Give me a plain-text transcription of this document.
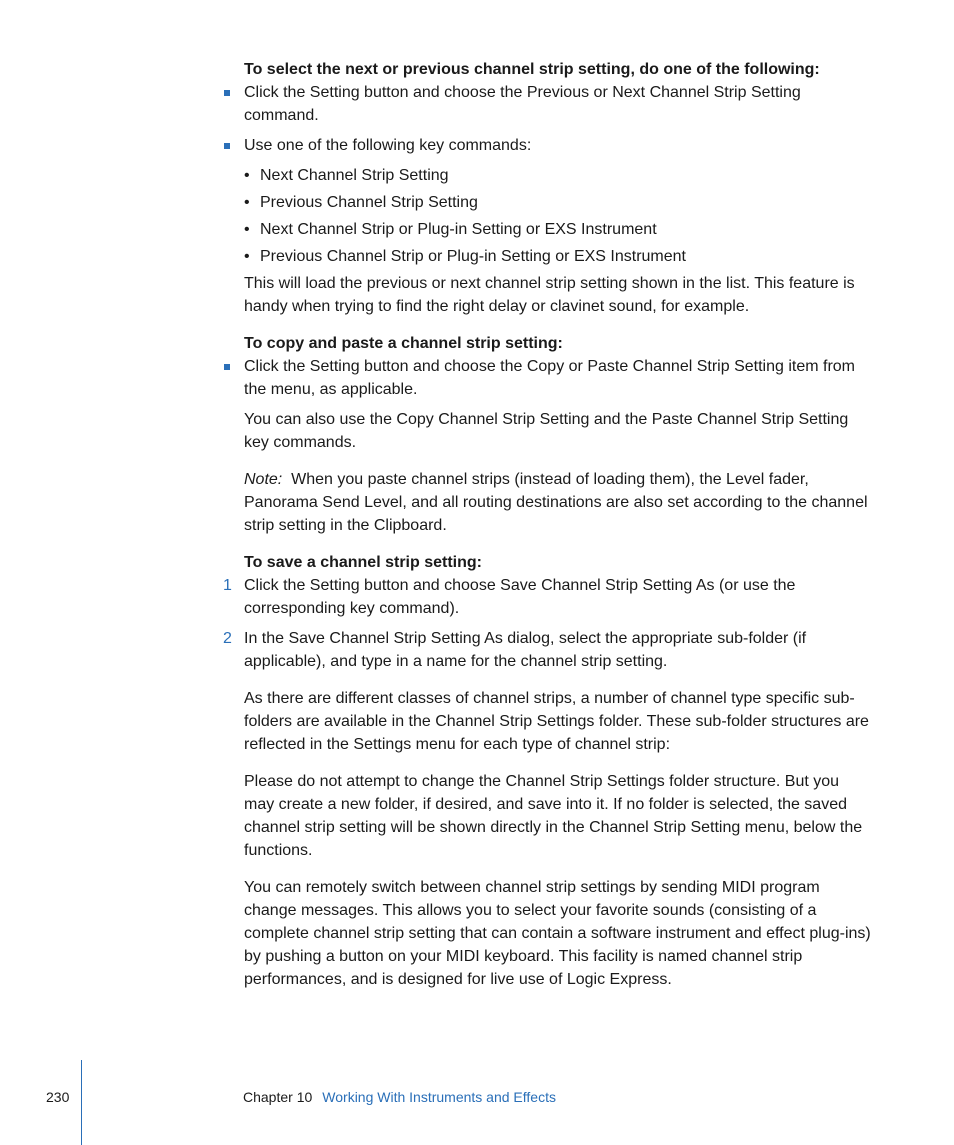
To select the next or previous channel strip setting, do one of the following:

Click the Setting button and choose the Previous or Next Channel Strip Setting command.

Use one of the following key commands:

• Next Channel Strip Setting

• Previous Channel Strip Setting

• Next Channel Strip or Plug-in Setting or EXS Instrument

• Previous Channel Strip or Plug-in Setting or EXS Instrument

This will load the previous or next channel strip setting shown in the list. This feature is handy when trying to find the right delay or clavinet sound, for example.

To copy and paste a channel strip setting:

Click the Setting button and choose the Copy or Paste Channel Strip Setting item from the menu, as applicable.

You can also use the Copy Channel Strip Setting and the Paste Channel Strip Setting key commands.

Note: When you paste channel strips (instead of loading them), the Level fader, Panorama Send Level, and all routing destinations are also set according to the channel strip setting in the Clipboard.

To save a channel strip setting:

1 Click the Setting button and choose Save Channel Strip Setting As (or use the corresponding key command).

2 In the Save Channel Strip Setting As dialog, select the appropriate sub-folder (if applicable), and type in a name for the channel strip setting.

As there are different classes of channel strips, a number of channel type specific sub-folders are available in the Channel Strip Settings folder. These sub-folder structures are reflected in the Settings menu for each type of channel strip:

Please do not attempt to change the Channel Strip Settings folder structure. But you may create a new folder, if desired, and save into it. If no folder is selected, the saved channel strip setting will be shown directly in the Channel Strip Setting menu, below the functions.

You can remotely switch between channel strip settings by sending MIDI program change messages. This allows you to select your favorite sounds (consisting of a complete channel strip setting that can contain a software instrument and effect plug-ins) by pushing a button on your MIDI keyboard. This facility is named channel strip performances, and is designed for live use of Logic Express.

230	Chapter 10 Working With Instruments and Effects
